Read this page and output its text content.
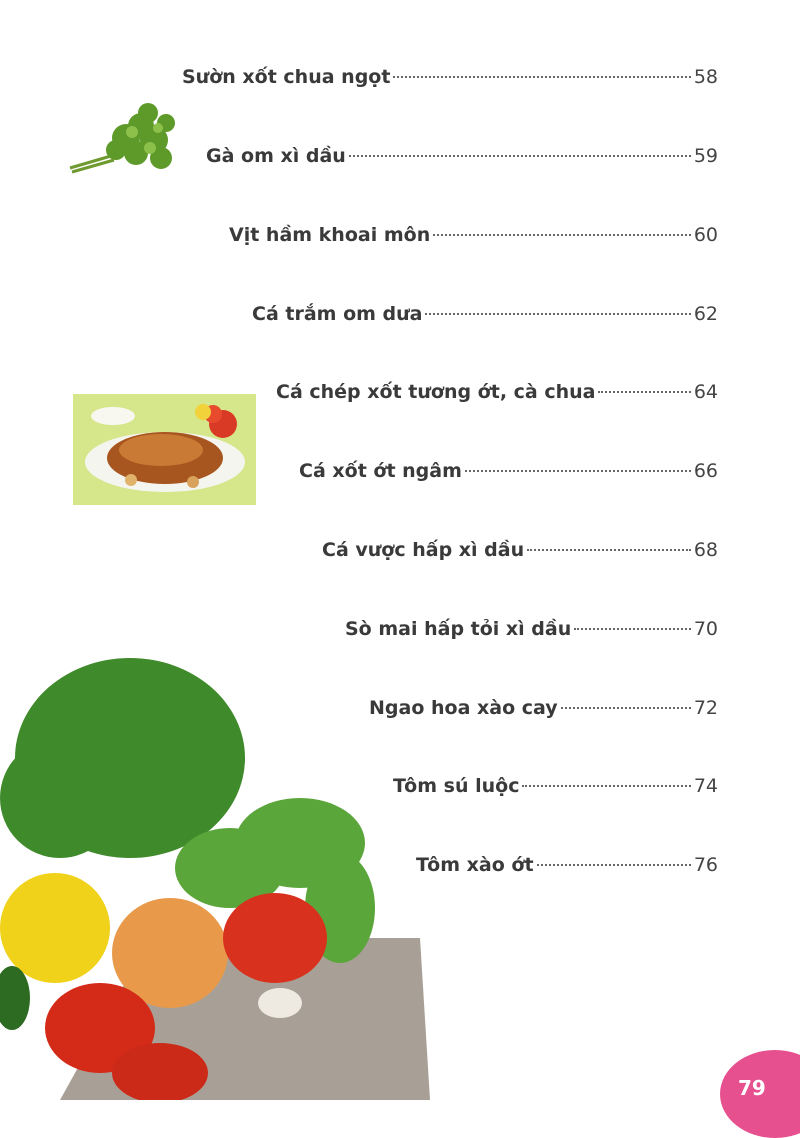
Sườn xốt chua ngọt	58
Gà om xì dầu	59
Vịt hầm khoai môn	60
Cá trắm om dưa	62
Cá chép xốt tương ớt, cà chua	64
Cá xốt ớt ngâm	66
Cá vược hấp xì dầu	68
Sò mai hấp tỏi xì dầu	70
Ngao hoa xào cay	72
Tôm sú luộc	74
Tôm xào ớt	76
79
